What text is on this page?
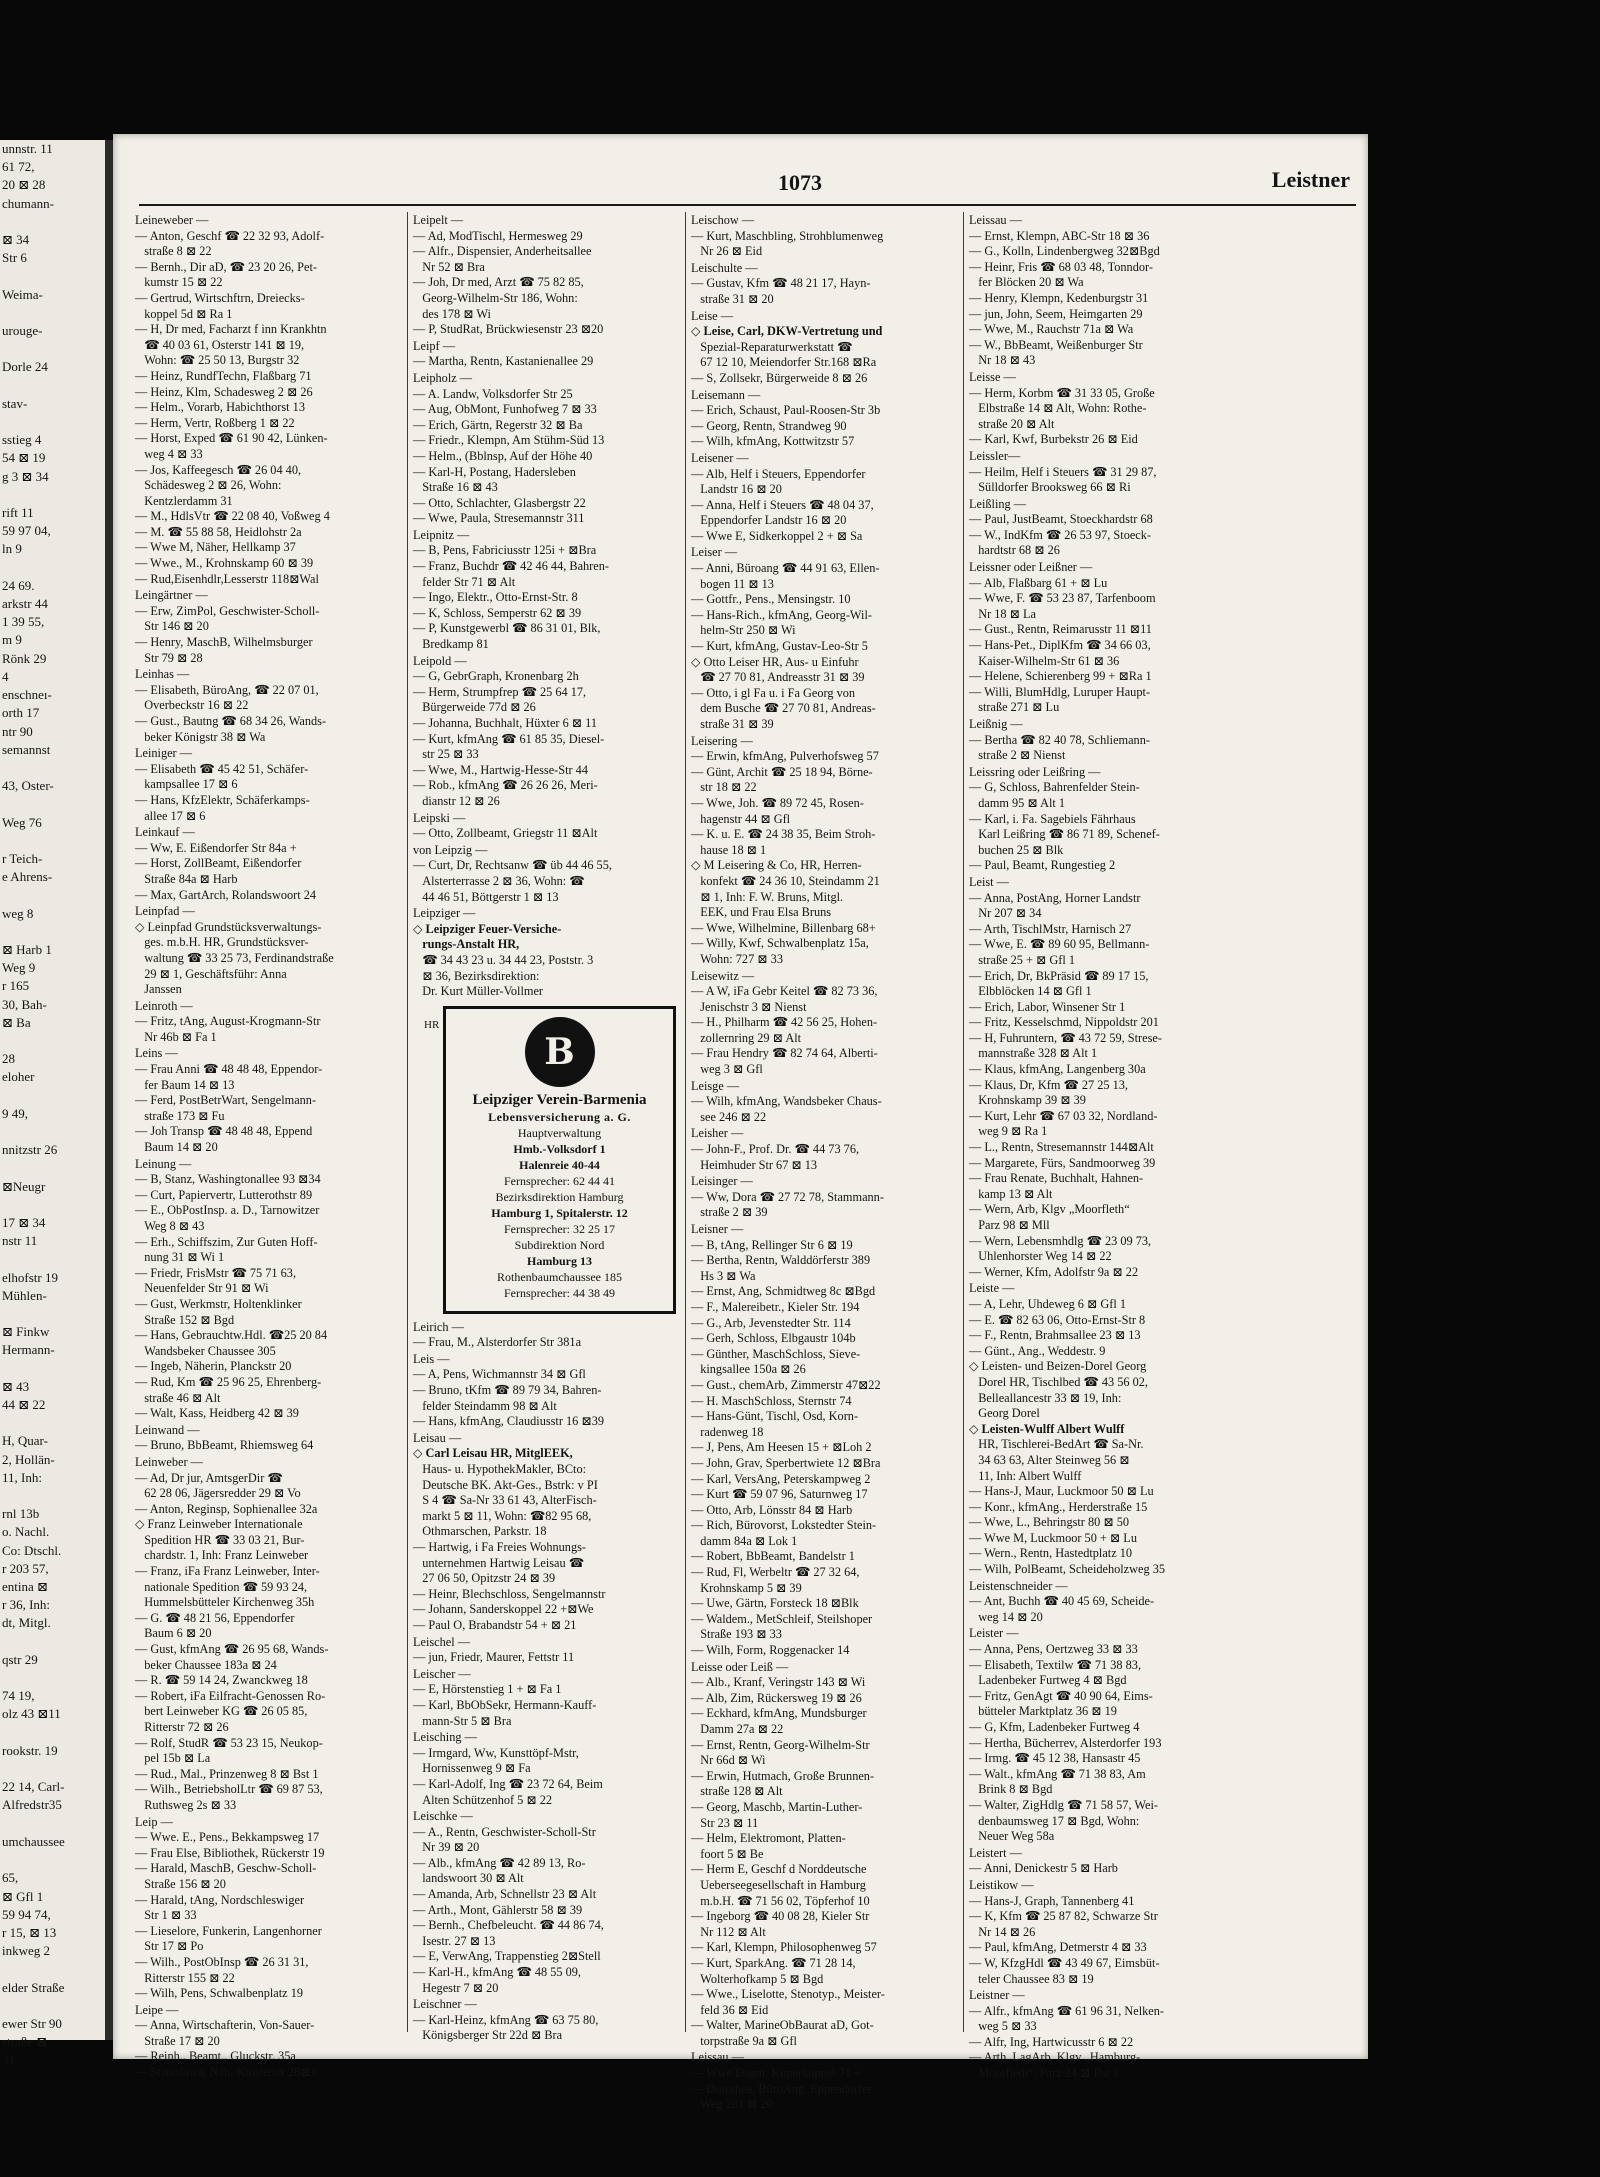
unnstr. 11
61 72,
20 ⊠ 28
chumann-

⊠ 34
Str 6

Weima-

urouge-

Dorle 24

stav-

sstieg 4
54 ⊠ 19
g 3 ⊠ 34

rift 11
59 97 04,
ln 9

24 69.
arkstr 44
1 39 55,
m 9
Rönk 29
4
enschneı-
orth 17
ntr 90
semannst

43, Oster-

Weg 76

r Teich-
e Ahrens-

weg 8

⊠ Harb 1
Weg 9
r 165
30, Bah-
⊠ Ba

28
eloher

9 49,

nnitzstr 26

⊠Neugr

17 ⊠ 34
nstr 11

elhofstr 19
Mühlen-

⊠ Finkw
Hermann-

⊠ 43
44 ⊠ 22

H, Quar-
2, Hollän-
11, Inh:

rnl 13b
o. Nachl.
Co: Dtschl.
r 203 57,
entina ⊠
r 36, Inh:
dt, Mitgl.

qstr 29

74 19,
olz 43 ⊠11

rookstr. 19

22 14, Carl-
Alfredstr35

umchaussee

65,
⊠ Gfl 1
59 94 74,
r 15, ⊠ 13
inkweg 2

elder Straße

ewer Str 90
straße ⊠
31
1073	Leistner
Leineweber —
— Anton, Geschf ☎ 22 32 93, Adolf-
straße 8 ⊠ 22
— Bernh., Dir aD, ☎ 23 20 26, Pet-
kumstr 15 ⊠ 22
— Gertrud, Wirtschftrn, Dreiecks-
koppel 5d ⊠ Ra 1
— H, Dr med, Facharzt f inn Krankhtn
☎ 40 03 61, Osterstr 141 ⊠ 19,
Wohn: ☎ 25 50 13, Burgstr 32
— Heinz, RundfTechn, Flaßbarg 71
— Heinz, Klm, Schadesweg 2 ⊠ 26
— Helm., Vorarb, Habichthorst 13
— Herm, Vertr, Roßberg 1 ⊠ 22
— Horst, Exped ☎ 61 90 42, Lünken-
weg 4 ⊠ 33
— Jos, Kaffeegesch ☎ 26 04 40,
Schädesweg 2 ⊠ 26, Wohn:
Kentzlerdamm 31
— M., HdlsVtr ☎ 22 08 40, Voßweg 4
— M. ☎ 55 88 58, Heidlohstr 2a
— Wwe M, Näher, Hellkamp 37
— Wwe., M., Krohnskamp 60 ⊠ 39
— Rud,Eisenhdlr,Lesserstr 118⊠Wal
Leingärtner —
— Erw, ZimPol, Geschwister-Scholl-
Str 146 ⊠ 20
— Henry, MaschB, Wilhelmsburger
Str 79 ⊠ 28
Leinhas —
— Elisabeth, BüroAng, ☎ 22 07 01,
Overbeckstr 16 ⊠ 22
— Gust., Bautng ☎ 68 34 26, Wands-
beker Königstr 38 ⊠ Wa
Leiniger —
— Elisabeth ☎ 45 42 51, Schäfer-
kampsallee 17 ⊠ 6
— Hans, KfzElektr, Schäferkamps-
allee 17 ⊠ 6
Leinkauf —
— Ww, E. Eißendorfer Str 84a +
— Horst, ZollBeamt, Eißendorfer
Straße 84a ⊠ Harb
— Max, GartArch, Rolandswoort 24
Leinpfad —
◇ Leinpfad Grundstücksverwaltungs-
ges. m.b.H. HR, Grundstücksver-
waltung ☎ 33 25 73, Ferdinandstraße
29 ⊠ 1, Geschäftsführ: Anna
Janssen
Leinroth —
— Fritz, tAng, August-Krogmann-Str
Nr 46b ⊠ Fa 1
Leins —
— Frau Anni ☎ 48 48 48, Eppendor-
fer Baum 14 ⊠ 13
— Ferd, PostBetrWart, Sengelmann-
straße 173 ⊠ Fu
— Joh Transp ☎ 48 48 48, Eppend
Baum 14 ⊠ 20
Leinung —
— B, Stanz, Washingtonallee 93 ⊠34
— Curt, Papiervertr, Lutterothstr 89
— E., ObPostInsp. a. D., Tarnowitzer
Weg 8 ⊠ 43
— Erh., Schiffszim, Zur Guten Hoff-
nung 31 ⊠ Wi 1
— Friedr, FrisMstr ☎ 75 71 63,
Neuenfelder Str 91 ⊠ Wi
— Gust, Werkmstr, Holtenklinker
Straße 152 ⊠ Bgd
— Hans, Gebrauchtw.Hdl. ☎25 20 84
Wandsbeker Chaussee 305
— Ingeb, Näherin, Planckstr 20
— Rud, Km ☎ 25 96 25, Ehrenberg-
straße 46 ⊠ Alt
— Walt, Kass, Heidberg 42 ⊠ 39
Leinwand —
— Bruno, BbBeamt, Rhiemsweg 64
Leinweber —
— Ad, Dr jur, AmtsgerDir ☎
62 28 06, Jägersredder 29 ⊠ Vo
— Anton, Reginsp, Sophienallee 32a
◇ Franz Leinweber Internationale
Spedition HR ☎ 33 03 21, Bur-
chardstr. 1, Inh: Franz Leinweber
— Franz, iFa Franz Leinweber, Inter-
nationale Spedition ☎ 59 93 24,
Hummelsbütteler Kirchenweg 35h
— G. ☎ 48 21 56, Eppendorfer
Baum 6 ⊠ 20
— Gust, kfmAng ☎ 26 95 68, Wands-
beker Chaussee 183a ⊠ 24
— R. ☎ 59 14 24, Zwanckweg 18
— Robert, iFa Eilfracht-Genossen Ro-
bert Leinweber KG ☎ 26 05 85,
Ritterstr 72 ⊠ 26
— Rolf, StudR ☎ 53 23 15, Neukop-
pel 15b ⊠ La
— Rud., Mal., Prinzenweg 8 ⊠ Bst 1
— Wilh., BetriebsholLtr ☎ 69 87 53,
Ruthsweg 2s ⊠ 33
Leip —
— Wwe. E., Pens., Bekkampsweg 17
— Frau Else, Bibliothek, Rückerstr 19
— Harald, MaschB, Geschw-Scholl-
Straße 156 ⊠ 20
— Harald, tAng, Nordschleswiger
Str 1 ⊠ 33
— Lieselore, Funkerin, Langenhorner
Str 17 ⊠ Po
— Wilh., PostObInsp ☎ 26 31 31,
Ritterstr 155 ⊠ 22
— Wilh, Pens, Schwalbenplatz 19
Leipe —
— Anna, Wirtschafterin, Von-Sauer-
Straße 17 ⊠ 20
— Reinh., Beamt., Gluckstr. 35a
— Stanislawa, Näh, Klosterstr 28⊠1
Leipelt —
— Ad, ModTischl, Hermesweg 29
— Alfr., Dispensier, Anderheitsallee
Nr 52 ⊠ Bra
— Joh, Dr med, Arzt ☎ 75 82 85,
Georg-Wilhelm-Str 186, Wohn:
des 178 ⊠ Wi
— P, StudRat, Brückwiesenstr 23 ⊠20
Leipf —
— Martha, Rentn, Kastanienallee 29
Leipholz —
— A. Landw, Volksdorfer Str 25
— Aug, ObMont, Funhofweg 7 ⊠ 33
— Erich, Gärtn, Regerstr 32 ⊠ Ba
— Friedr., Klempn, Am Stühm-Süd 13
— Helm., (Bblnsp, Auf der Höhe 40
— Karl-H, Postang, Hadersleben
Straße 16 ⊠ 43
— Otto, Schlachter, Glasbergstr 22
— Wwe, Paula, Stresemannstr 311
Leipnitz —
— B, Pens, Fabriciusstr 125i + ⊠Bra
— Franz, Buchdr ☎ 42 46 44, Bahren-
felder Str 71 ⊠ Alt
— Ingo, Elektr., Otto-Ernst-Str. 8
— K, Schloss, Semperstr 62 ⊠ 39
— P, Kunstgewerbl ☎ 86 31 01, Blk,
Bredkamp 81
Leipold —
— G, GebrGraph, Kronenbarg 2h
— Herm, Strumpfrep ☎ 25 64 17,
Bürgerweide 77d ⊠ 26
— Johanna, Buchhalt, Hüxter 6 ⊠ 11
— Kurt, kfmAng ☎ 61 85 35, Diesel-
str 25 ⊠ 33
— Wwe, M., Hartwig-Hesse-Str 44
— Rob., kfmAng ☎ 26 26 26, Meri-
dianstr 12 ⊠ 26
Leipski —
— Otto, Zollbeamt, Griegstr 11 ⊠Alt
von Leipzig —
— Curt, Dr, Rechtsanw ☎ üb 44 46 55,
Alsterterrasse 2 ⊠ 36, Wohn: ☎
44 46 51, Böttgerstr 1 ⊠ 13
Leipziger —
◇ Leipziger Feuer-Versiche-
rungs-Anstalt HR,
☎ 34 43 23 u. 34 44 23, Poststr. 3
⊠ 36, Bezirksdirektion:
Dr. Kurt Müller-Vollmer
HR
B
Leipziger Verein-Barmenia
Lebensversicherung a. G.
Hauptverwaltung
Hmb.-Volksdorf 1
Halenreie 40-44
Fernsprecher: 62 44 41
Bezirksdirektion Hamburg
Hamburg 1, Spitalerstr. 12
Fernsprecher: 32 25 17
Subdirektion Nord
Hamburg 13
Rothenbaumchaussee 185
Fernsprecher: 44 38 49
Leirich —
— Frau, M., Alsterdorfer Str 381a
Leis —
— A, Pens, Wichmannstr 34 ⊠ Gfl
— Bruno, tKfm ☎ 89 79 34, Bahren-
felder Steindamm 98 ⊠ Alt
— Hans, kfmAng, Claudiusstr 16 ⊠39
Leisau —
◇ Carl Leisau HR, MitglEEK,
Haus- u. HypothekMakler, BCto:
Deutsche BK. Akt-Ges., Bstrk: v PI
S 4 ☎ Sa-Nr 33 61 43, AlterFisch-
markt 5 ⊠ 11, Wohn: ☎82 95 68,
Othmarschen, Parkstr. 18
— Hartwig, i Fa Freies Wohnungs-
unternehmen Hartwig Leisau ☎
27 06 50, Opitzstr 24 ⊠ 39
— Heinr, Blechschloss, Sengelmannstr
— Johann, Sanderskoppel 22 +⊠We
— Paul O, Brabandstr 54 + ⊠ 21
Leischel —
— jun, Friedr, Maurer, Fettstr 11
Leischer —
— E, Hörstenstieg 1 + ⊠ Fa 1
— Karl, BbObSekr, Hermann-Kauff-
mann-Str 5 ⊠ Bra
Leisching —
— Irmgard, Ww, Kunsttöpf-Mstr,
Hornissenweg 9 ⊠ Fa
— Karl-Adolf, Ing ☎ 23 72 64, Beim
Alten Schützenhof 5 ⊠ 22
Leischke —
— A., Rentn, Geschwister-Scholl-Str
Nr 39 ⊠ 20
— Alb., kfmAng ☎ 42 89 13, Ro-
landswoort 30 ⊠ Alt
— Amanda, Arb, Schnellstr 23 ⊠ Alt
— Arth., Mont, Gählerstr 58 ⊠ 39
— Bernh., Chefbeleucht. ☎ 44 86 74,
Isestr. 27 ⊠ 13
— E, VerwAng, Trappenstieg 2⊠Stell
— Karl-H., kfmAng ☎ 48 55 09,
Hegestr 7 ⊠ 20
Leischner —
— Karl-Heinz, kfmAng ☎ 63 75 80,
Königsberger Str 22d ⊠ Bra
Leischow —
— Kurt, Maschbling, Strohblumenweg
Nr 26 ⊠ Eid
Leischulte —
— Gustav, Kfm ☎ 48 21 17, Hayn-
straße 31 ⊠ 20
Leise —
◇ Leise, Carl, DKW-Vertretung und
Spezial-Reparaturwerkstatt ☎
67 12 10, Meiendorfer Str.168 ⊠Ra
— S, Zollsekr, Bürgerweide 8 ⊠ 26
Leisemann —
— Erich, Schaust, Paul-Roosen-Str 3b
— Georg, Rentn, Strandweg 90
— Wilh, kfmAng, Kottwitzstr 57
Leisener —
— Alb, Helf i Steuers, Eppendorfer
Landstr 16 ⊠ 20
— Anna, Helf i Steuers ☎ 48 04 37,
Eppendorfer Landstr 16 ⊠ 20
— Wwe E, Sidkerkoppel 2 + ⊠ Sa
Leiser —
— Anni, Büroang ☎ 44 91 63, Ellen-
bogen 11 ⊠ 13
— Gottfr., Pens., Mensingstr. 10
— Hans-Rich., kfmAng, Georg-Wil-
helm-Str 250 ⊠ Wi
— Kurt, kfmAng, Gustav-Leo-Str 5
◇ Otto Leiser HR, Aus- u Einfuhr
☎ 27 70 81, Andreasstr 31 ⊠ 39
— Otto, i gl Fa u. i Fa Georg von
dem Busche ☎ 27 70 81, Andreas-
straße 31 ⊠ 39
Leisering —
— Erwin, kfmAng, Pulverhofsweg 57
— Günt, Archit ☎ 25 18 94, Börne-
str 18 ⊠ 22
— Wwe, Joh. ☎ 89 72 45, Rosen-
hagenstr 44 ⊠ Gfl
— K. u. E. ☎ 24 38 35, Beim Stroh-
hause 18 ⊠ 1
◇ M Leisering & Co, HR, Herren-
konfekt ☎ 24 36 10, Steindamm 21
⊠ 1, Inh: F. W. Bruns, Mitgl.
EEK, und Frau Elsa Bruns
— Wwe, Wilhelmine, Billenbarg 68+
— Willy, Kwf, Schwalbenplatz 15a,
Wohn: 727 ⊠ 33
Leisewitz —
— A W, iFa Gebr Keitel ☎ 82 73 36,
Jenischstr 3 ⊠ Nienst
— H., Philharm ☎ 42 56 25, Hohen-
zollernring 29 ⊠ Alt
— Frau Hendry ☎ 82 74 64, Alberti-
weg 3 ⊠ Gfl
Leisge —
— Wilh, kfmAng, Wandsbeker Chaus-
see 246 ⊠ 22
Leisher —
— John-F., Prof. Dr. ☎ 44 73 76,
Heimhuder Str 67 ⊠ 13
Leisinger —
— Ww, Dora ☎ 27 72 78, Stammann-
straße 2 ⊠ 39
Leisner —
— B, tAng, Rellinger Str 6 ⊠ 19
— Bertha, Rentn, Walddörferstr 389
Hs 3 ⊠ Wa
— Ernst, Ang, Schmidtweg 8c ⊠Bgd
— F., Malereibetr., Kieler Str. 194
— G., Arb, Jevenstedter Str. 114
— Gerh, Schloss, Elbgaustr 104b
— Günther, MaschSchloss, Sieve-
kingsallee 150a ⊠ 26
— Gust., chemArb, Zimmerstr 47⊠22
— H. MaschSchloss, Sternstr 74
— Hans-Günt, Tischl, Osd, Korn-
radenweg 18
— J, Pens, Am Heesen 15 + ⊠Loh 2
— John, Grav, Sperbertwiete 12 ⊠Bra
— Karl, VersAng, Peterskampweg 2
— Kurt ☎ 59 07 96, Saturnweg 17
— Otto, Arb, Lönsstr 84 ⊠ Harb
— Rich, Bürovorst, Lokstedter Stein-
damm 84a ⊠ Lok 1
— Robert, BbBeamt, Bandelstr 1
— Rud, Fl, Werbeltr ☎ 27 32 64,
Krohnskamp 5 ⊠ 39
— Uwe, Gärtn, Forsteck 18 ⊠Blk
— Waldem., MetSchleif, Steilshoper
Straße 193 ⊠ 33
— Wilh, Form, Roggenacker 14
Leisse oder Leiß —
— Alb., Kranf, Veringstr 143 ⊠ Wi
— Alb, Zim, Rückersweg 19 ⊠ 26
— Eckhard, kfmAng, Mundsburger
Damm 27a ⊠ 22
— Ernst, Rentn, Georg-Wilhelm-Str
Nr 66d ⊠ Wi
— Erwin, Hutmach, Große Brunnen-
straße 128 ⊠ Alt
— Georg, Maschb, Martin-Luther-
Str 23 ⊠ 11
— Helm, Elektromont, Platten-
foort 5 ⊠ Be
— Herm E, Geschf d Norddeutsche
Ueberseegesellschaft in Hamburg
m.b.H. ☎ 71 56 02, Töpferhof 10
— Ingeborg ☎ 40 08 28, Kieler Str
Nr 112 ⊠ Alt
— Karl, Klempn, Philosophenweg 57
— Kurt, SparkAng. ☎ 71 28 14,
Wolterhofkamp 5 ⊠ Bgd
— Wwe., Liselotte, Stenotyp., Meister-
feld 36 ⊠ Eid
— Walter, MarineObBaurat aD, Got-
torpstraße 9a ⊠ Gfl
Leissau —
— Wwe Dagm, Küperkoppel 71 +
— Dorothea, BüroAng, Eppendorfer
Weg 281 ⊠ 20
Leissau —
— Ernst, Klempn, ABC-Str 18 ⊠ 36
— G., Kolln, Lindenbergweg 32⊠Bgd
— Heinr, Fris ☎ 68 03 48, Tonndor-
fer Blöcken 20 ⊠ Wa
— Henry, Klempn, Kedenburgstr 31
— jun, John, Seem, Heimgarten 29
— Wwe, M., Rauchstr 71a ⊠ Wa
— W., BbBeamt, Weißenburger Str
Nr 18 ⊠ 43
Leisse —
— Herm, Korbm ☎ 31 33 05, Große
Elbstraße 14 ⊠ Alt, Wohn: Rothe-
straße 20 ⊠ Alt
— Karl, Kwf, Burbekstr 26 ⊠ Eid
Leissler—
— Heilm, Helf i Steuers ☎ 31 29 87,
Sülldorfer Brooksweg 66 ⊠ Ri
Leißling —
— Paul, JustBeamt, Stoeckhardstr 68
— W., IndKfm ☎ 26 53 97, Stoeck-
hardtstr 68 ⊠ 26
Leissner oder Leißner —
— Alb, Flaßbarg 61 + ⊠ Lu
— Wwe, F. ☎ 53 23 87, Tarfenboom
Nr 18 ⊠ La
— Gust., Rentn, Reimarusstr 11 ⊠11
— Hans-Pet., DiplKfm ☎ 34 66 03,
Kaiser-Wilhelm-Str 61 ⊠ 36
— Helene, Schierenberg 99 + ⊠Ra 1
— Willi, BlumHdlg, Luruper Haupt-
straße 271 ⊠ Lu
Leißnig —
— Bertha ☎ 82 40 78, Schliemann-
straße 2 ⊠ Nienst
Leissring oder Leißring —
— G, Schloss, Bahrenfelder Stein-
damm 95 ⊠ Alt 1
— Karl, i. Fa. Sagebiels Fährhaus
Karl Leißring ☎ 86 71 89, Schenef-
buchen 25 ⊠ Blk
— Paul, Beamt, Rungestieg 2
Leist —
— Anna, PostAng, Horner Landstr
Nr 207 ⊠ 34
— Arth, TischlMstr, Harnisch 27
— Wwe, E. ☎ 89 60 95, Bellmann-
straße 25 + ⊠ Gfl 1
— Erich, Dr, BkPräsid ☎ 89 17 15,
Elbblöcken 14 ⊠ Gfl 1
— Erich, Labor, Winsener Str 1
— Fritz, Kesselschmd, Nippoldstr 201
— H, Fuhruntern, ☎ 43 72 59, Strese-
mannstraße 328 ⊠ Alt 1
— Klaus, kfmAng, Langenberg 30a
— Klaus, Dr, Kfm ☎ 27 25 13,
Krohnskamp 39 ⊠ 39
— Kurt, Lehr ☎ 67 03 32, Nordland-
weg 9 ⊠ Ra 1
— L., Rentn, Stresemannstr 144⊠Alt
— Margarete, Fürs, Sandmoorweg 39
— Frau Renate, Buchhalt, Hahnen-
kamp 13 ⊠ Alt
— Wern, Arb, Klgv „Moorfleth“
Parz 98 ⊠ Mll
— Wern, Lebensmhdlg ☎ 23 09 73,
Uhlenhorster Weg 14 ⊠ 22
— Werner, Kfm, Adolfstr 9a ⊠ 22
Leiste —
— A, Lehr, Uhdeweg 6 ⊠ Gfl 1
— E. ☎ 82 63 06, Otto-Ernst-Str 8
— F., Rentn, Brahmsallee 23 ⊠ 13
— Günt., Ang., Weddestr. 9
◇ Leisten- und Beizen-Dorel Georg
Dorel HR, Tischlbed ☎ 43 56 02,
Belleallancestr 33 ⊠ 19, Inh:
Georg Dorel
◇ Leisten-Wulff Albert Wulff
HR, Tischlerei-BedArt ☎ Sa-Nr.
34 63 63, Alter Steinweg 56 ⊠
11, Inh: Albert Wulff
— Hans-J, Maur, Luckmoor 50 ⊠ Lu
— Konr., kfmAng., Herderstraße 15
— Wwe, L., Behringstr 80 ⊠ 50
— Wwe M, Luckmoor 50 + ⊠ Lu
— Wern., Rentn, Hastedtplatz 10
— Wilh, PolBeamt, Scheideholzweg 35
Leistenschneider —
— Ant, Buchh ☎ 40 45 69, Scheide-
weg 14 ⊠ 20
Leister —
— Anna, Pens, Oertzweg 33 ⊠ 33
— Elisabeth, Textilw ☎ 71 38 83,
Ladenbeker Furtweg 4 ⊠ Bgd
— Fritz, GenAgt ☎ 40 90 64, Eims-
bütteler Marktplatz 36 ⊠ 19
— G, Kfm, Ladenbeker Furtweg 4
— Hertha, Bücherrev, Alsterdorfer 193
— Irmg. ☎ 45 12 38, Hansastr 45
— Walt., kfmAng ☎ 71 38 83, Am
Brink 8 ⊠ Bgd
— Walter, ZigHdlg ☎ 71 58 57, Wei-
denbaumsweg 17 ⊠ Bgd, Wohn:
Neuer Weg 58a
Leistert —
— Anni, Denickestr 5 ⊠ Harb
Leistikow —
— Hans-J, Graph, Tannenberg 41
— K, Kfm ☎ 25 87 82, Schwarze Str
Nr 14 ⊠ 26
— Paul, kfmAng, Detmerstr 4 ⊠ 33
— W, KfzgHdl ☎ 43 49 67, Eimsbüt-
teler Chaussee 83 ⊠ 19
Leistner —
— Alfr., kfmAng ☎ 61 96 31, Nelken-
weg 5 ⊠ 33
— Alfr, Ing, Hartwicusstr 6 ⊠ 22
— Arth, LagArb, Klgv „Hamburg-
Moorfleth“, Parz 24 ⊠ Bst 1
